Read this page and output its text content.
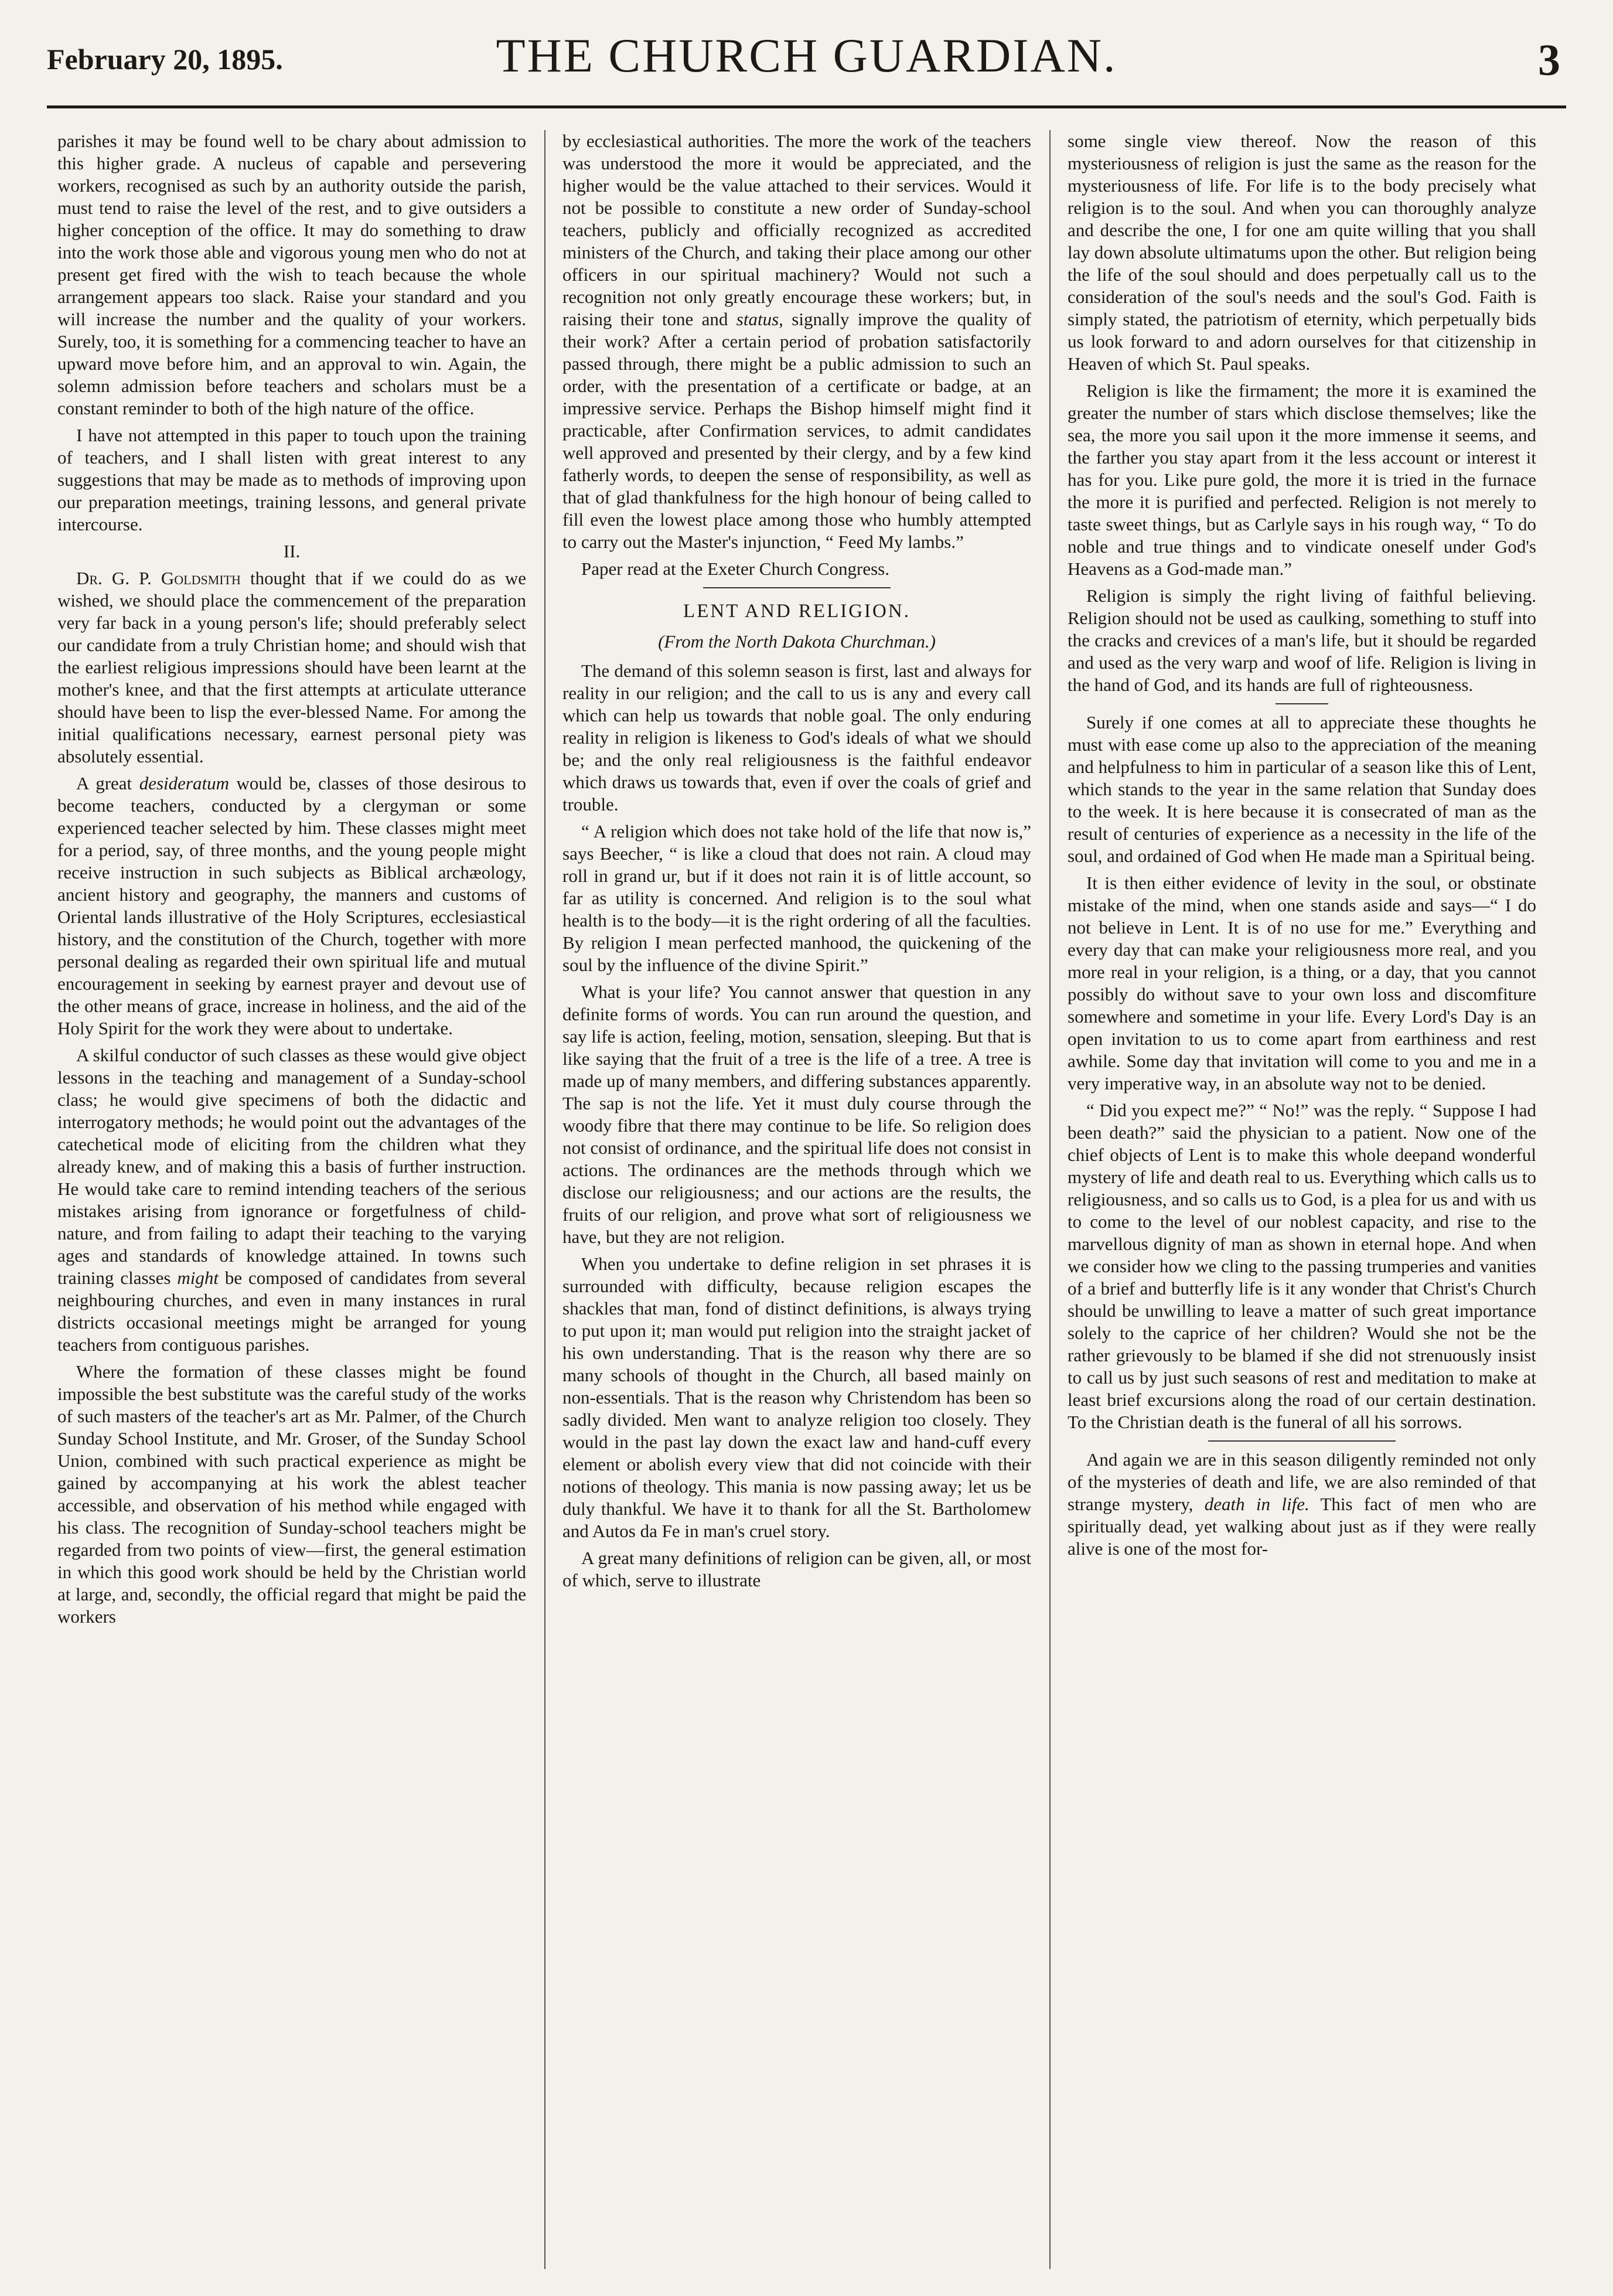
February 20, 1895.	THE CHURCH GUARDIAN.	3

parishes it may be found well to be chary about admission to this higher grade. A nucleus of capable and persevering workers, recognised as such by an authority outside the parish, must tend to raise the level of the rest, and to give outsiders a higher conception of the office. It may do something to draw into the work those able and vigorous young men who do not at present get fired with the wish to teach because the whole arrangement appears too slack. Raise your standard and you will increase the number and the quality of your workers. Surely, too, it is something for a commencing teacher to have an upward move before him, and an approval to win. Again, the solemn admission before teachers and scholars must be a constant reminder to both of the high nature of the office.

I have not attempted in this paper to touch upon the training of teachers, and I shall listen with great interest to any suggestions that may be made as to methods of improving upon our preparation meetings, training lessons, and general private intercourse.

II.

Dr. G. P. Goldsmith thought that if we could do as we wished, we should place the commencement of the preparation very far back in a young person's life; should preferably select our candidate from a truly Christian home; and should wish that the earliest religious impressions should have been learnt at the mother's knee, and that the first attempts at articulate utterance should have been to lisp the ever-blessed Name. For among the initial qualifications necessary, earnest personal piety was absolutely essential.

A great desideratum would be, classes of those desirous to become teachers, conducted by a clergyman or some experienced teacher selected by him. These classes might meet for a period, say, of three months, and the young people might receive instruction in such subjects as Biblical archæology, ancient history and geography, the manners and customs of Oriental lands illustrative of the Holy Scriptures, ecclesiastical history, and the constitution of the Church, together with more personal dealing as regarded their own spiritual life and mutual encouragement in seeking by earnest prayer and devout use of the other means of grace, increase in holiness, and the aid of the Holy Spirit for the work they were about to undertake.

A skilful conductor of such classes as these would give object lessons in the teaching and management of a Sunday-school class; he would give specimens of both the didactic and interrogatory methods; he would point out the advantages of the catechetical mode of eliciting from the children what they already knew, and of making this a basis of further instruction. He would take care to remind intending teachers of the serious mistakes arising from ignorance or forgetfulness of child-nature, and from failing to adapt their teaching to the varying ages and standards of knowledge attained. In towns such training classes might be composed of candidates from several neighbouring churches, and even in many instances in rural districts occasional meetings might be arranged for young teachers from contiguous parishes.

Where the formation of these classes might be found impossible the best substitute was the careful study of the works of such masters of the teacher's art as Mr. Palmer, of the Church Sunday School Institute, and Mr. Groser, of the Sunday School Union, combined with such practical experience as might be gained by accompanying at his work the ablest teacher accessible, and observation of his method while engaged with his class. The recognition of Sunday-school teachers might be regarded from two points of view—first, the general estimation in which this good work should be held by the Christian world at large, and, secondly, the official regard that might be paid the workers

by ecclesiastical authorities. The more the work of the teachers was understood the more it would be appreciated, and the higher would be the value attached to their services. Would it not be possible to constitute a new order of Sunday-school teachers, publicly and officially recognized as accredited ministers of the Church, and taking their place among our other officers in our spiritual machinery? Would not such a recognition not only greatly encourage these workers; but, in raising their tone and status, signally improve the quality of their work? After a certain period of probation satisfactorily passed through, there might be a public admission to such an order, with the presentation of a certificate or badge, at an impressive service. Perhaps the Bishop himself might find it practicable, after Confirmation services, to admit candidates well approved and presented by their clergy, and by a few kind fatherly words, to deepen the sense of responsibility, as well as that of glad thankfulness for the high honour of being called to fill even the lowest place among those who humbly attempted to carry out the Master's injunction, “ Feed My lambs.”

Paper read at the Exeter Church Congress.

LENT AND RELIGION.
(From the North Dakota Churchman.)

The demand of this solemn season is first, last and always for reality in our religion; and the call to us is any and every call which can help us towards that noble goal. The only enduring reality in religion is likeness to God's ideals of what we should be; and the only real religiousness is the faithful endeavor which draws us towards that, even if over the coals of grief and trouble.

“ A religion which does not take hold of the life that now is,” says Beecher, “ is like a cloud that does not rain. A cloud may roll in grand ur, but if it does not rain it is of little account, so far as utility is concerned. And religion is to the soul what health is to the body—it is the right ordering of all the faculties. By religion I mean perfected manhood, the quickening of the soul by the influence of the divine Spirit.”

What is your life? You cannot answer that question in any definite forms of words. You can run around the question, and say life is action, feeling, motion, sensation, sleeping. But that is like saying that the fruit of a tree is the life of a tree. A tree is made up of many members, and differing substances apparently. The sap is not the life. Yet it must duly course through the woody fibre that there may continue to be life. So religion does not consist of ordinance, and the spiritual life does not consist in actions. The ordinances are the methods through which we disclose our religiousness; and our actions are the results, the fruits of our religion, and prove what sort of religiousness we have, but they are not religion.

When you undertake to define religion in set phrases it is surrounded with difficulty, because religion escapes the shackles that man, fond of distinct definitions, is always trying to put upon it; man would put religion into the straight jacket of his own understanding. That is the reason why there are so many schools of thought in the Church, all based mainly on non-essentials. That is the reason why Christendom has been so sadly divided. Men want to analyze religion too closely. They would in the past lay down the exact law and hand-cuff every element or abolish every view that did not coincide with their notions of theology. This mania is now passing away; let us be duly thankful. We have it to thank for all the St. Bartholomew and Autos da Fe in man's cruel story.

A great many definitions of religion can be given, all, or most of which, serve to illustrate

some single view thereof. Now the reason of this mysteriousness of religion is just the same as the reason for the mysteriousness of life. For life is to the body precisely what religion is to the soul. And when you can thoroughly analyze and describe the one, I for one am quite willing that you shall lay down absolute ultimatums upon the other. But religion being the life of the soul should and does perpetually call us to the consideration of the soul's needs and the soul's God. Faith is simply stated, the patriotism of eternity, which perpetually bids us look forward to and adorn ourselves for that citizenship in Heaven of which St. Paul speaks.

Religion is like the firmament; the more it is examined the greater the number of stars which disclose themselves; like the sea, the more you sail upon it the more immense it seems, and the farther you stay apart from it the less account or interest it has for you. Like pure gold, the more it is tried in the furnace the more it is purified and perfected. Religion is not merely to taste sweet things, but as Carlyle says in his rough way, “ To do noble and true things and to vindicate oneself under God's Heavens as a God-made man.”

Religion is simply the right living of faithful believing. Religion should not be used as caulking, something to stuff into the cracks and crevices of a man's life, but it should be regarded and used as the very warp and woof of life. Religion is living in the hand of God, and its hands are full of righteousness.

Surely if one comes at all to appreciate these thoughts he must with ease come up also to the appreciation of the meaning and helpfulness to him in particular of a season like this of Lent, which stands to the year in the same relation that Sunday does to the week. It is here because it is consecrated of man as the result of centuries of experience as a necessity in the life of the soul, and ordained of God when He made man a Spiritual being.

It is then either evidence of levity in the soul, or obstinate mistake of the mind, when one stands aside and says—“ I do not believe in Lent. It is of no use for me.” Everything and every day that can make your religiousness more real, and you more real in your religion, is a thing, or a day, that you cannot possibly do without save to your own loss and discomfiture somewhere and sometime in your life. Every Lord's Day is an open invitation to us to come apart from earthiness and rest awhile. Some day that invitation will come to you and me in a very imperative way, in an absolute way not to be denied.

“ Did you expect me?” “ No!” was the reply. “ Suppose I had been death?” said the physician to a patient. Now one of the chief objects of Lent is to make this whole deepand wonderful mystery of life and death real to us. Everything which calls us to religiousness, and so calls us to God, is a plea for us and with us to come to the level of our noblest capacity, and rise to the marvellous dignity of man as shown in eternal hope. And when we consider how we cling to the passing trumperies and vanities of a brief and butterfly life is it any wonder that Christ's Church should be unwilling to leave a matter of such great importance solely to the caprice of her children? Would she not be the rather grievously to be blamed if she did not strenuously insist to call us by just such seasons of rest and meditation to make at least brief excursions along the road of our certain destination. To the Christian death is the funeral of all his sorrows.

And again we are in this season diligently reminded not only of the mysteries of death and life, we are also reminded of that strange mystery, death in life. This fact of men who are spiritually dead, yet walking about just as if they were really alive is one of the most for-
